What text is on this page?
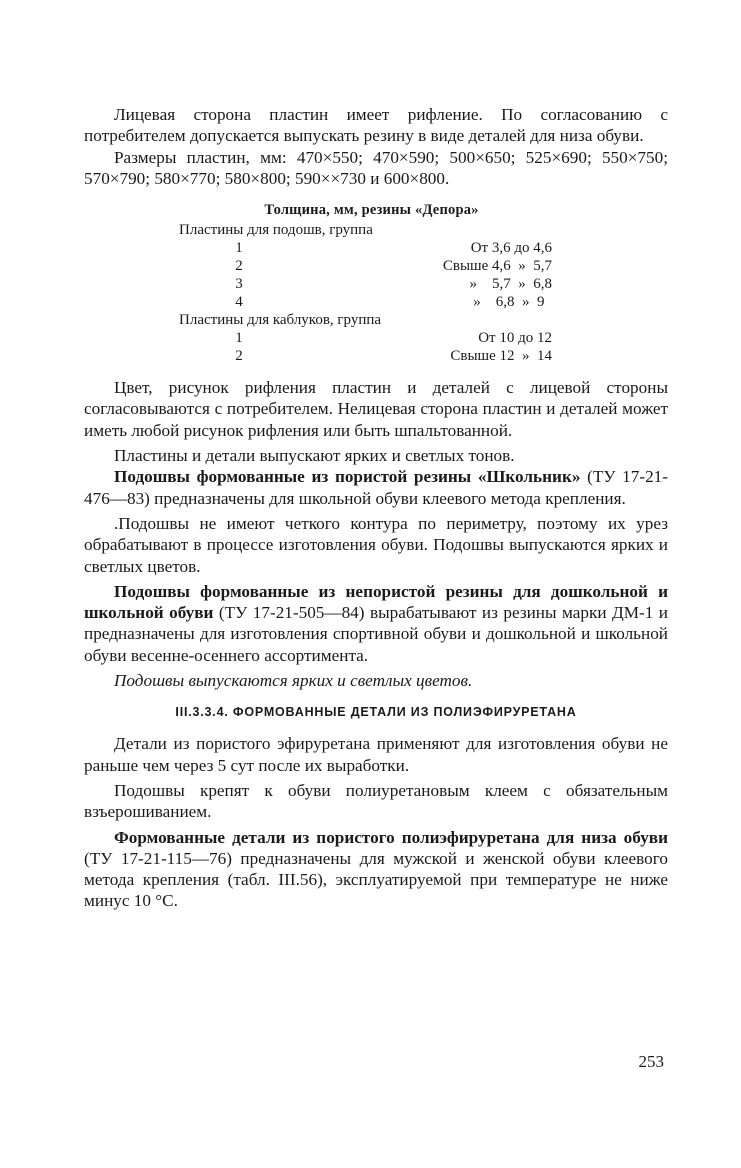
Лицевая сторона пластин имеет рифление. По согласованию с потребителем допускается выпускать резину в виде деталей для низа обуви.

Размеры пластин, мм: 470×550; 470×590; 500×650; 525×690; 550×750; 570×790; 580×770; 580×800; 590××730 и 600×800.

Толщина, мм, резины «Депора»
Пластины для подошв, группа
1	От 3,6 до 4,6
2	Свыше 4,6  »  5,7
3	»    5,7  »  6,8
4	»    6,8  »  9
Пластины для каблуков, группа
1	От 10 до 12
2	Свыше 12  »  14

Цвет, рисунок рифления пластин и деталей с лицевой стороны согласовываются с потребителем. Нелицевая сторона пластин и деталей может иметь любой рисунок рифления или быть шпальтованной.

Пластины и детали выпускают ярких и светлых тонов.

Подошвы формованные из пористой резины «Школьник» (ТУ 17-21-476—83) предназначены для школьной обуви клеевого метода крепления.

.Подошвы не имеют четкого контура по периметру, поэтому их урез обрабатывают в процессе изготовления обуви. Подошвы выпускаются ярких и светлых цветов.

Подошвы формованные из непористой резины для дошкольной и школьной обуви (ТУ 17-21-505—84) вырабатывают из резины марки ДМ-1 и предназначены для изготовления спортивной обуви и дошкольной и школьной обуви весенне-осеннего ассортимента.

Подошвы выпускаются ярких и светлых цветов.

III.3.3.4. ФОРМОВАННЫЕ ДЕТАЛИ ИЗ ПОЛИЭФИРУРЕТАНА

Детали из пористого эфируретана применяют для изготовления обуви не раньше чем через 5 сут после их выработки.

Подошвы крепят к обуви полиуретановым клеем с обязательным взъерошиванием.

Формованные детали из пористого полиэфируретана для низа обуви (ТУ 17-21-115—76) предназначены для мужской и женской обуви клеевого метода крепления (табл. III.56), эксплуатируемой при температуре не ниже минус 10 °С.

253
